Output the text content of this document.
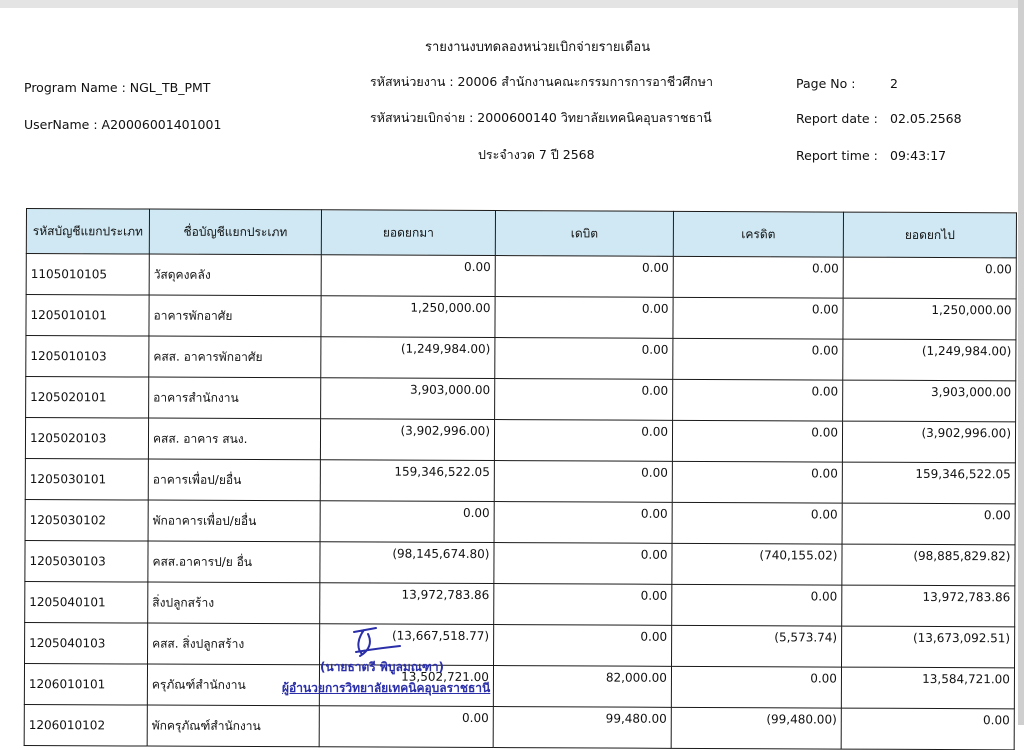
รายงานงบทดลองหน่วยเบิกจ่ายรายเดือน
Program Name : NGL_TB_PMT
UserName : A20006001401001
รหัสหน่วยงาน : 20006 สำนักงานคณะกรรมการการอาชีวศึกษา
รหัสหน่วยเบิกจ่าย : 2000600140 วิทยาลัยเทคนิคอุบลราชธานี
ประจำงวด 7 ปี 2568
Page No :	2
Report date : 02.05.2568
Report time : 09:43:17
รหัสบัญชีแยกประเภท	ชื่อบัญชีแยกประเภท	ยอดยกมา	เดบิต	เครดิต	ยอดยกไป
1105010105	วัสดุคงคลัง	0.00	0.00	0.00	0.00
1205010101	อาคารพักอาศัย	1,250,000.00	0.00	0.00	1,250,000.00
1205010103	คสส. อาคารพักอาศัย	(1,249,984.00)	0.00	0.00	(1,249,984.00)
1205020101	อาคารสำนักงาน	3,903,000.00	0.00	0.00	3,903,000.00
1205020103	คสส. อาคาร สนง.	(3,902,996.00)	0.00	0.00	(3,902,996.00)
1205030101	อาคารเพื่อป/ยอื่น	159,346,522.05	0.00	0.00	159,346,522.05
1205030102	พักอาคารเพื่อป/ยอื่น	0.00	0.00	0.00	0.00
1205030103	คสส.อาคารป/ย อื่น	(98,145,674.80)	0.00	(740,155.02)	(98,885,829.82)
1205040101	สิ่งปลูกสร้าง	13,972,783.86	0.00	0.00	13,972,783.86
1205040103	คสส. สิ่งปลูกสร้าง	(13,667,518.77)	0.00	(5,573.74)	(13,673,092.51)
1206010101	ครุภัณฑ์สำนักงาน	13,502,721.00	82,000.00	0.00	13,584,721.00
1206010102	พักครุภัณฑ์สำนักงาน	0.00	99,480.00	(99,480.00)	0.00
(นายธาตรี พิบูลมณฑา)
ผู้อำนวยการวิทยาลัยเทคนิคอุบลราชธานี
